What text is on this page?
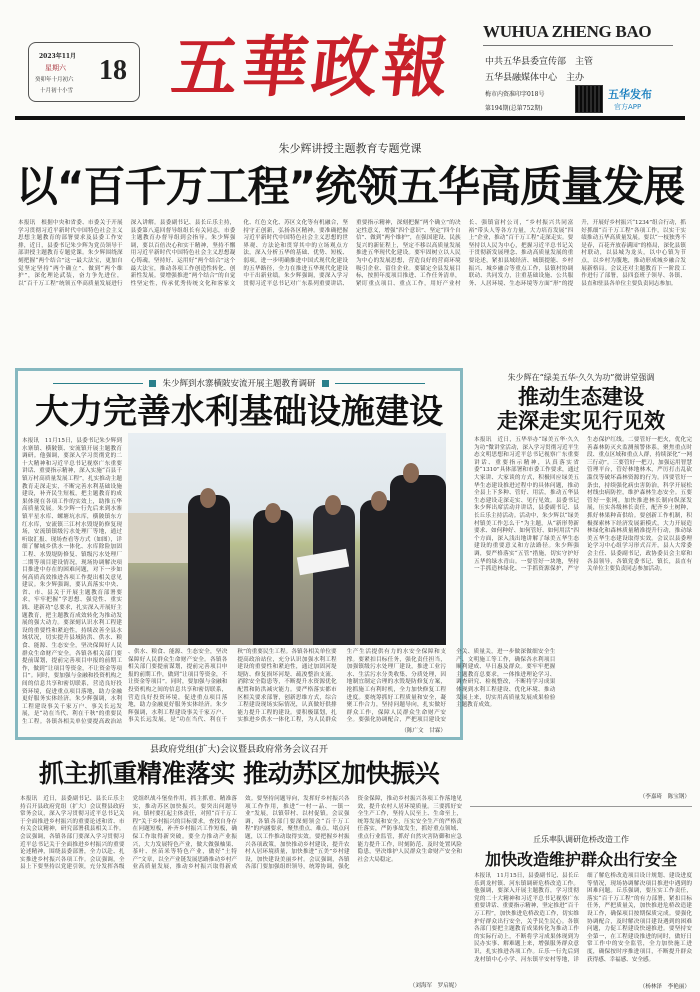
2023年11月
星期六
癸卯年十月初六
十月初十小雪
18 五華政報	WUHUA ZHENG BAO
中共五华县委宣传部　主管
五华县融媒体中心　主办
梅市内资准印字018号
第194期(总第752期)
五华发布
官方APP
朱少辉讲授主题教育专题党课
以“百千万工程”统领五华高质量发展
本报讯　根据中央和省委、市委关于开展学习贯彻习近平新时代中国特色社会主义思想主题教育的部署要求及县委工作安排，近日，县委书记朱少辉为党员领导干部讲授主题教育专题党课。朱少辉围绕深刻把握“两个结合”这一最大法宝，更加自觉坚定坚持“两个确立”、做到“两个维护”，深化理论武装，奋力争先进位，以“百千万工程”统领五华高质量发展进行深入讲解。县委副书记、县长丘乐主持，县委第八巡回督导组组长有关同志，市委主题教育办督导组到会指导。朱少辉强调，要以百倍决心和实干精神，坚持不懈用习近平新时代中国特色社会主义思想凝心铸魂，坚持好、运用好“两个结合”这个最大法宝，推动各项工作创造性转化、创新性发展。要增强推进“两个结合”的自觉性坚定性，传承优秀传统文化和客家文化、红色文化、苏区文化等有机融合，坚持守正创新，弘扬各区精神。要准确把握习近平新时代中国特色社会主义思想的世界观、方法论和贯穿其中的立场观点方法，深入分析五华的基础、优势、短板、弱项，进一步明确推进中国式现代化建设的五华路径，全力在推进五华现代化建设中干出新业绩。朱少辉强调，要深入学习贯彻习近平总书记对广东系列重要讲话、重要指示精神，深刻把握“两个确立”的决定性意义，增强“四个意识”、坚定“四个自信”、做到“两个维护”，在强国建设、民族复兴的新征程上，坚定不移以高质量发展推进五华现代化建设。要牢固树立以人民为中心的发展思想，营造良好的营商环境吸引企业、留住企业。要锚定全县发展目标，按照年度项目推进、工作任务清单，紧盯重点项目、重点工作，用好产业村长、强镇富村公司，“乡村振兴共同富裕”带头人等各方力量，大力培育发展“四上”企业，推动“百千万工程”走深走实。要坚持以人民为中心，把握习近平总书记关于贯彻新发展理念、推动高质量发展的重要论述，紧扣县域经济、城镇提能、乡村振兴、城乡融合等重点工作，县镇村协调联动、共同发力，注重基础设施、公共服务、人居环境、生态环境等方面“形”的提升，开展好乡村振兴“1234”组合行动，抓好抓细“百千万工程”各项工作，以实干实绩推动五华高质量发展。要以“一枝独秀不是春，百花齐放春满园”的格局，深化县镇村联动，以县城为龙头，以中心镇为节点，以乡村为腹地，推动形成城乡融合发展新格局。会议还对主题教育下一阶段工作进行了部署，县四套班子领导、各镇、县直和驻县各单位主要负责同志参加。
朱少辉到水寨横陂安流开展主题教育调研
大力完善水利基础设施建设
本报讯　11月15日，县委书记朱少辉到水寨镇、横陂镇、安流镇开展主题教育调研。他强调，要深入学习贯彻党的二十大精神和习近平总书记视察广东重要讲话、重要指示精神，深入实施“百县千镇万村高质量发展工程”，扎实推动主题教育走深走实，不断完善水利基础设施建设，补齐民生短板，把主题教育的成果体现在各项工作的实效上，助推五华高质量发展。朱少辉一行先后来到水寨镇平星水库、螺塘坑水库，横陂镇东方红水库，安流镇三江村水毁堤防修复现场，安流镇镇级污水处理厂等地，通过听取汇报、现场查看等方式（如图），详细了解城乡供水一体化、水库除险加固工程、水毁堤防修复、镇级污水处理厂二期等项目建设情况，现场协调解决项目推进中存在的困难问题，对下一步如何高质高效推进各项工作提出相关意见建议。朱少辉强调，要认真落实中央、省、市、县关于开展主题教育部署要求，牢牢把握“学思想、强党性、重实践、建新功”总要求，扎实深入开展好主题教育，把主题教育成效转化为推动发展的强大动力。要深刻认识水利工程建设的重要性和紧迫性，持续改善全县水域状况，切实提升县域防洪、供水、粮食、能源、生态安全，坚决保障好人民群众生命财产安全。各镇各相关部门要提前谋划，提前完善项目申报的前期工作，做到“让项目等资金，不让资金等项目”。同时，要加强与金融和投资机构之间的信息共享和密切联系，营造良好投资环境，促进重点项目落地，助力金融更好服务实体经济。朱少辉强调，水利工程建设事关千家万户、事关长远发展，是“功在当代、利在千秋”的重要民生工程。各镇各相关单位要提高政治站
、供水、粮食、能源、生态安全，坚决保障好人民群众生命财产安全。各镇各相关部门要提前谋划，提前完善项目申报的前期工作，做到“让项目等资金，不让资金等项目”。同时，要加强与金融和投资机构之间的信息共享和密切联系，营造良好投资环境，促进重点项目落地，助力金融更好服务实体经济。朱少辉强调，水利工程建设事关千家万户、事关长远发展，是“功在当代、利在千秋”的重要民生工程。各镇各相关单位要提高政治站位，充分认识加强水利工程建设的重要性和紧迫性，通过加固河堤堤防、修复损坏河堤、疏浚整治支流、消除安全隐患等，不断提升水资源优化配置和防洪减灾能力。要严格落实都市区相关要求部署，创新思维方式，综合工程建设现场实际情况，认真做好供排能力提升工程的建设。要积极谋划，扎实推进乡供水一体化工程，为人民群众生产生活提供有力的水安全保障和支撑。要紧扣目标任务，强化责任担当，加强镇级污水处理厂建设，推进工业污水、生活污水分类收集、分质处理，因地制宜制定合理的水毁堤防修复方案，抢抓施工有利时机，全力加快修复工程进度。要统筹抓好工程质量和安全，凝聚工作合力，坚持问题导向，扎实做好群众工作，保障人民群众生命财产安全。要强化协调配合，严把项目建设安全关、质量关，进一步做深做细安全生产、文明施工等工作，确保各水利项目顺利建成、早日惠及群众。要牢牢把握主题教育总要求，一体推进理论学习、调查研究、检视整改，不断将学习成果体现到水利工程建设、优化环境、推动发展上来，切实用高质量发展成果检验主题教育成效。
（陈广文　甘霖）
朱少辉在“绿美五华·久久为功”微讲堂强调
推动生态建设
走深走实见行见效
本报讯　近日，五华举办“绿美五华·久久为功”微讲堂活动，深入学习贯彻习近平生态文明思想和习近平总书记视察广东重要讲话、重要指示精神，认真落实省委“1310”具体部署和市委工作要求，通过大家讲、大家谈的方式，积极回应绿美五华生态建设推进过程中的具体问题，推动全县上下多种、管好、用活，推动五华县生态建设走深走实、见行见效。县委书记朱少辉出席活动并讲话，县委副书记、县长丘乐主持活动。活动中，朱少辉以“绿美村镇美工作怎么干”为主题，从“新形势新要求、如何种好、如何管好、如何用活”四个方面，深入浅出地讲解了绿美五华生态建设的重要意义和方法路径。朱少辉强调，要严格落实“五管”措施，切实守护好五华的绿水青山。一要管好一块地，坚持一手抓造林绿化、一手抓资源保护，严守生态保护红线。二要管好一把火，优化完善森林防灭火监测预警体系，聚焦重点时段、重点区域和重点人群，持续深化“一网三行动”。三要管好一把刀，加强运用智慧管理平台，管好林地林木，严厉打击乱砍滥伐等破坏森林资源的行为。四要管好一条虫，持续强化病虫害防治，科学开展松材线虫病防控，维护森林生态安全。五要管好一张网，加快推进林长制向纵深发展，压实各级林长责任，配齐乡土树种，抓好林果种苗供给。要创新工作机制，积极探索林下经济发展新模式，大力开展造林绿化和森林质量精准提升行动，推动绿美五华生态建设取得实效。会议以县委理论学习中心组学习形式召开，县人大常委会主任、县委副书记，政协委员会主席和各县领导，各镇党委书记、镇长，县直有关单位主要负责同志参加活动。
（李嘉琦　陈宝钢）
县政府党组(扩大)会议暨县政府常务会议召开
抓主抓重精准落实 推动苏区加快振兴
本报讯　近日，县委副书记、县长丘乐主持召开县政府党组（扩大）会议暨县政府常务会议，深入学习贯彻习近平总书记关于全面推进乡村振兴的重要论述和省、市有关会议精神，研究部署我县相关工作。会议强调，各镇各部门要深入学习贯彻习近平总书记关于全面推进乡村振兴的重要论述精神，围绕县委部署，全力以赴、扎实推进乡村振兴各项工作。会议强调，全县上下要坚持以党建引领，充分发挥各级党组织战斗堡垒作用，抓主抓重、精准落实，推动苏区加快振兴。要突出问题导向，镇村要扛起主体责任，对照“百千万工程”关于乡村振兴的目标要求，查找自身存在问题短板，补齐乡村振兴工作短板，确保工作取得新突破。要全力推动产业振兴，大力发展特色产业，做大做强柚果、茶叶、丝苗米等特色产业，做好“土特产”文章，以全产业链发展思路推动乡村产业高质量发展，推动乡村振兴取得新成效。要坚持问题导向，发挥好乡村振兴各项工作作用，推进“一村一品、一镇一业”发展，以镇带村、以村促镇。会议强调，各镇各部门要深刻领会“百千万工程”的内涵要求，聚焦重点、难点、堵点问题，以工作推动取得实效。要把握乡村振兴各项政策，加快推动乡村建设，提升农村人居环境质量，加快推进“五美”乡村建设，加快建设美丽乡村。会议强调，各镇各部门要加强组织领导，统筹协调，强化资金保障，推动乡村振兴各项工作落地见效，提升农村人居环境质量。三要抓好安全生产工作，坚持人民至上、生命至上，统筹发展和安全，压实安全生产的严格责任落实，严防事故发生，抓好重点领域、重点行业监管，抓好自然灾害防御和应急能力提升工作，时刻防范、及时处置风险隐患，坚决维护人民群众生命财产安全和社会大局稳定。
（刘海军　罗启妮）
丘乐率队调研危桥改造工作
加快改造维护群众出行安全
本报讯　11月15日，县委副书记、县长丘乐到龙村镇、河东镇调研危桥改造工作。他强调，要深入开展主题教育，学习贯彻党的二十大精神和习近平总书记视察广东重要讲话、重要指示精神，坚定推进“百千万工程”，加快推进危桥改造工作，切实维护好群众出行安全，关乎民生民心。各镇各部门要把主题教育成果转化为推动工作的实际行动上，不断将学习成果体现到为民办实事、解难题上来，增强服务群众意识，扎实推进各项工作。丘乐一行先后到龙村镇中心小学、河东镇平安村等地，详细了解危桥改造项目设计规划、建设进度等情况，现场协调解决项目推进中遇到的困难问题。丘乐强调，要压实工作责任，落实“百千万工程”的有力部署，紧扣目标任务，严把质量关，加快推进危桥改造建设工作，确保项目按期保质完成。要强化协调配合，及时解决项目建设遇到的困难问题，力促工程建设快速推进。要坚持安全第一，在工程建设推进的同时，做好日常工作中的安全监管，全力加快施工进度，确保按时序推进项目，不断提升群众获得感、幸福感、安全感。
（杨林泽　李艳丽）
